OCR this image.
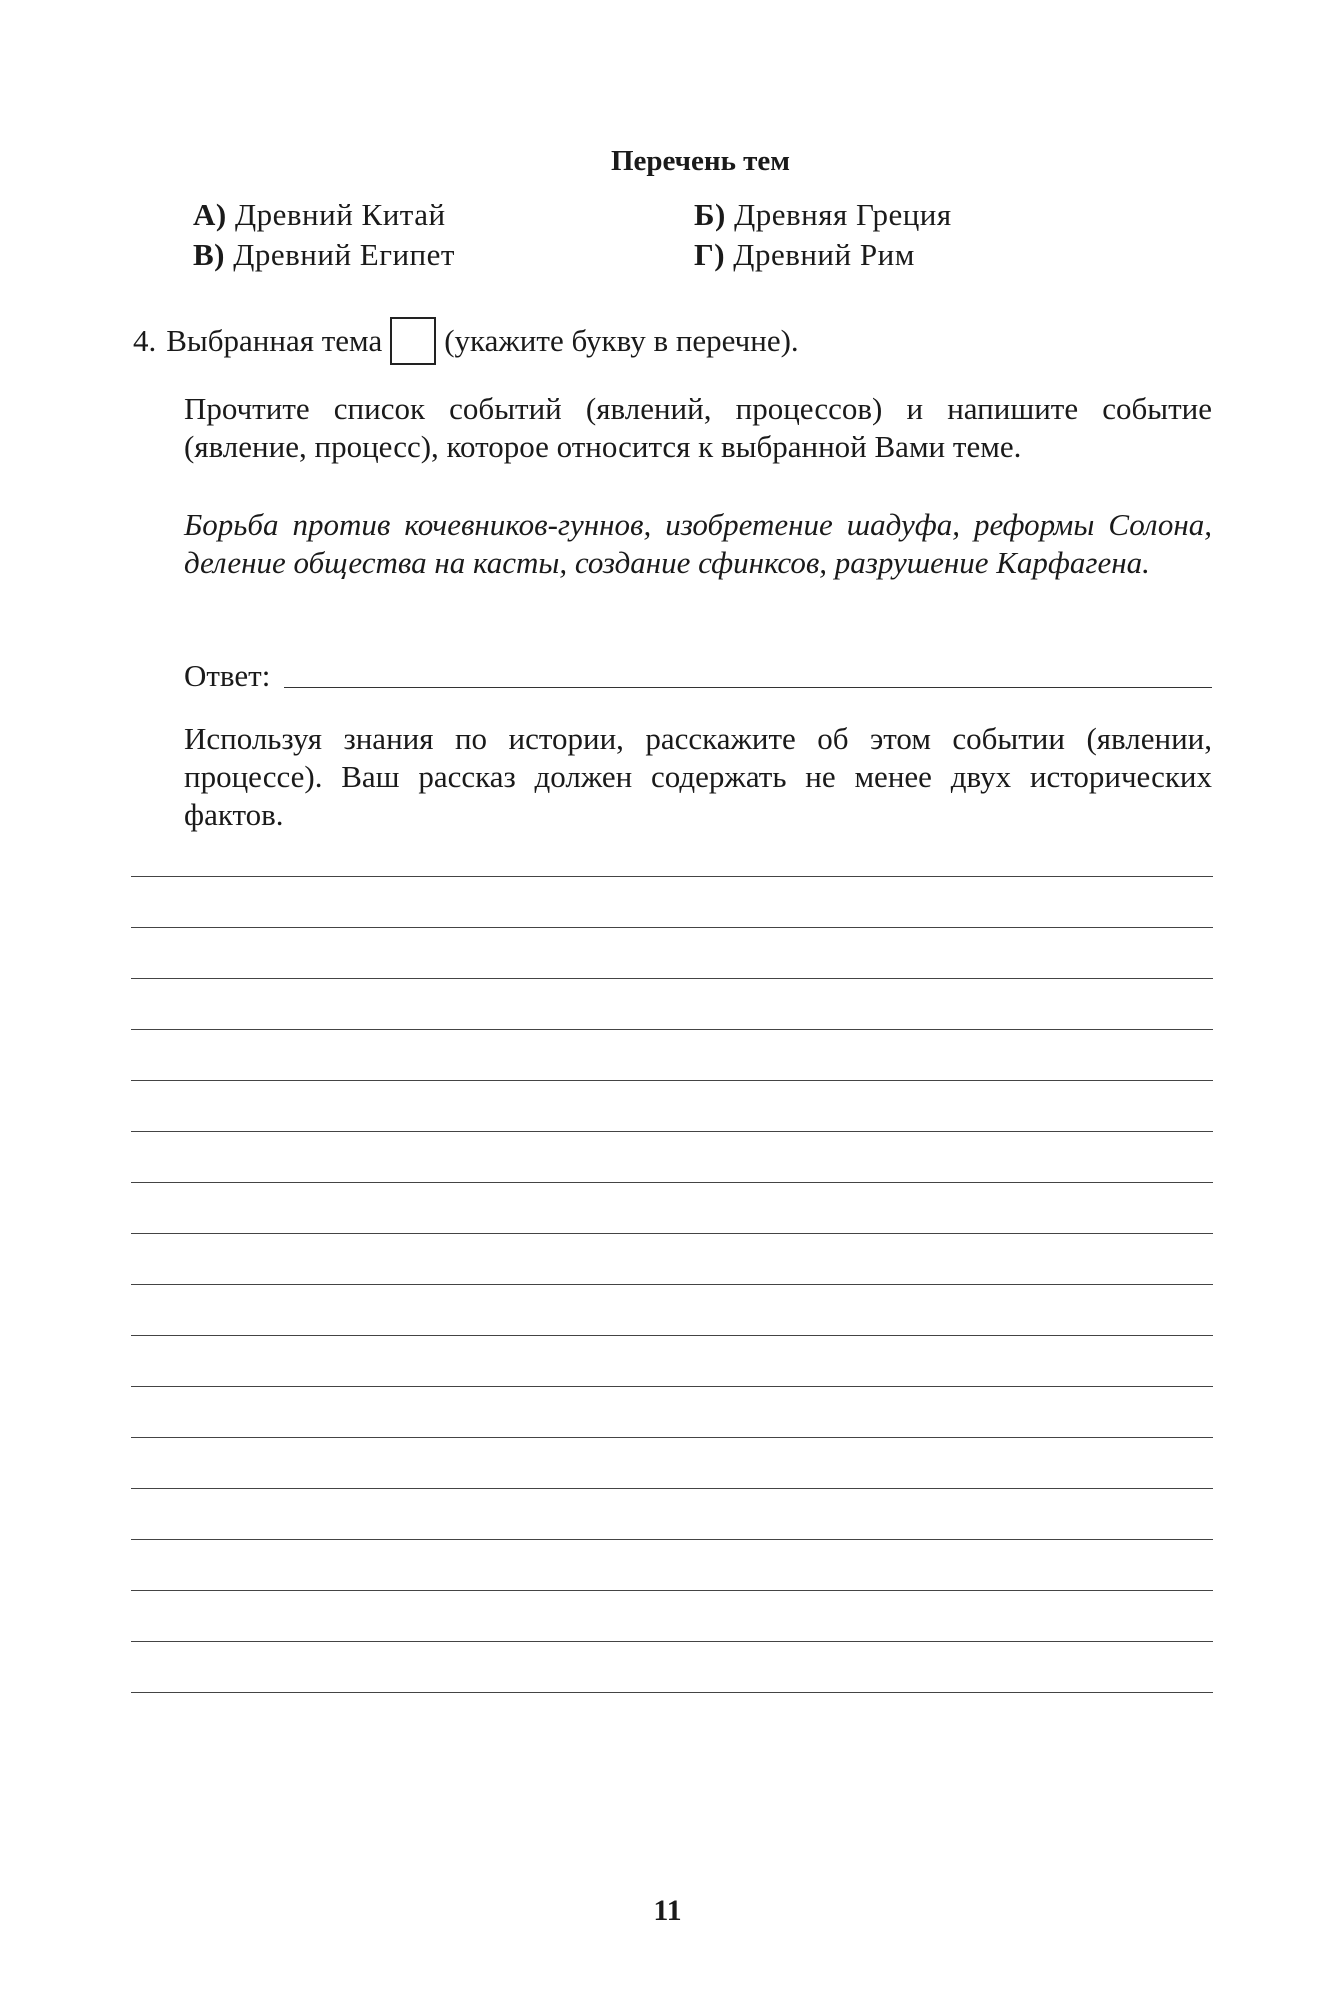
Перечень тем
А) Древний Китай	Б) Древняя Греция
В) Древний Египет	Г) Древний Рим
4. Выбранная тема (укажите букву в перечне).
Прочтите список событий (явлений, процессов) и напишите событие (явление, процесс), которое относится к выбранной Вами теме.
Борьба против кочевников-гуннов, изобретение шадуфа, реформы Солона, деление общества на касты, создание сфинксов, разрушение Карфагена.
Ответ:
Используя знания по истории, расскажите об этом событии (явлении, процессе). Ваш рассказ должен содержать не менее двух исторических фактов.
11
